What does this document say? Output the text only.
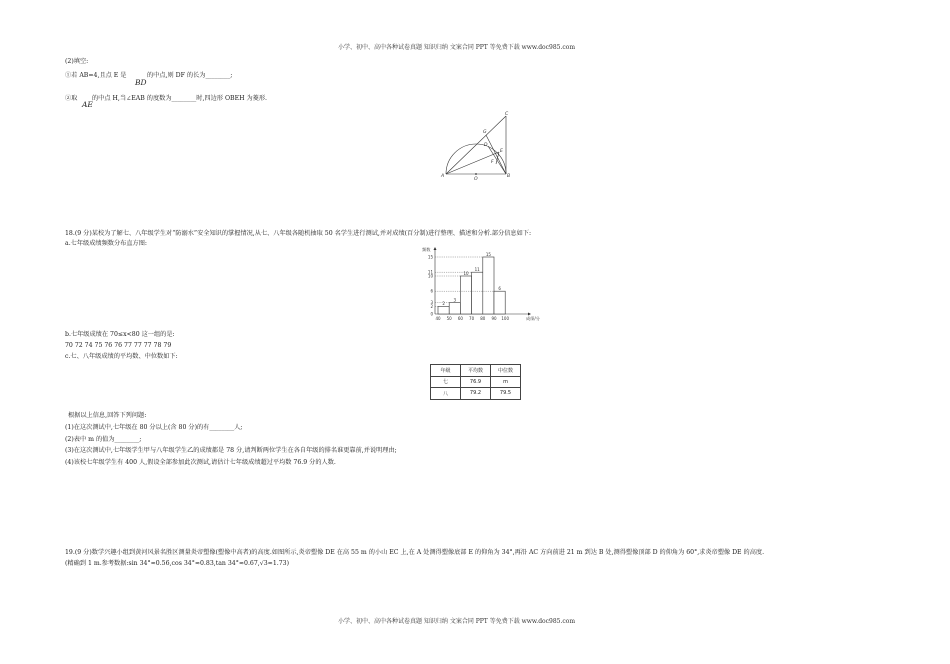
小学、初中、高中各种试卷真题 知识归纳 文案合同 PPT 等免费下载 www.doc985.com
(2)填空:
①若 AB=4,且点 E 是
BD
的中点,则 DF 的长为________;
②取
AE
的中点 H,当∠EAB 的度数为________时,四边形 OBEH 为菱形.
C
G
E
D
F
A
O
B
18.(9 分)某校为了解七、八年级学生对“防溺水”安全知识的掌握情况,从七、八年级各随机抽取 50 名学生进行测试,并对成绩(百分制)进行整理、描述和分析.部分信息如下:
a.七年级成绩频数分布直方图:
频数
成绩/分
2
3
10
11
15
6
0
2
3
6
10
11
15
40 50 60 70 80 90 100
b.七年级成绩在 70≤x<80 这一组的是:
70 72 74 75 76 76 77 77 77 78 79
c.七、八年级成绩的平均数、中位数如下:
年级	平均数	中位数
七	76.9	m
八	79.2	79.5
根据以上信息,回答下列问题:
(1)在这次测试中,七年级在 80 分以上(含 80 分)的有________人;
(2)表中 m 的值为________;
(3)在这次测试中,七年级学生甲与八年级学生乙的成绩都是 78 分,请判断两位学生在各自年级的排名谁更靠前,并说明理由;
(4)该校七年级学生有 400 人,假设全部参加此次测试,请估计七年级成绩超过平均数 76.9 分的人数.
19.(9 分)数学兴趣小组到黄河风景名胜区测量炎帝塑像(塑像中高者)的高度.如图所示,炎帝塑像 DE 在高 55 m 的小山 EC 上,在 A 处测得塑像底部 E 的仰角为 34°,再沿 AC 方向前进 21 m 到达 B 处,测得塑像顶部 D 的仰角为 60°,求炎帝塑像 DE 的高度.
(精确到 1 m.参考数据:sin 34°≈0.56,cos 34°≈0.83,tan 34°≈0.67,√3≈1.73)
小学、初中、高中各种试卷真题 知识归纳 文案合同 PPT 等免费下载 www.doc985.com
